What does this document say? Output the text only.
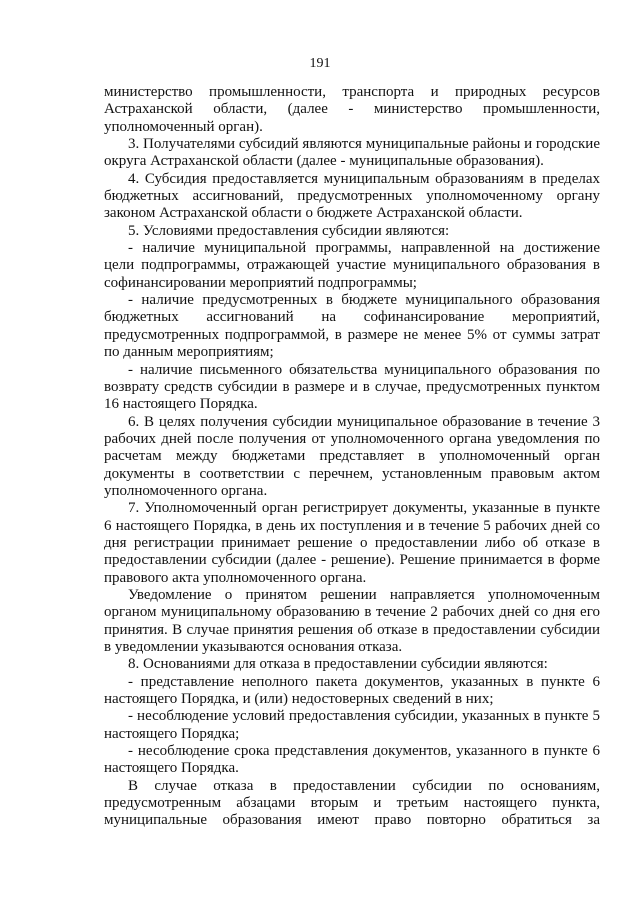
191

министерство промышленности, транспорта и природных ресурсов Астраханской области, (далее - министерство промышленности, уполномоченный орган).

3. Получателями субсидий являются муниципальные районы и городские округа Астраханской области (далее - муниципальные образования).

4. Субсидия предоставляется муниципальным образованиям в пределах бюджетных ассигнований, предусмотренных уполномоченному органу законом Астраханской области о бюджете Астраханской области.

5. Условиями предоставления субсидии являются:

- наличие муниципальной программы, направленной на достижение цели подпрограммы, отражающей участие муниципального образования в софинансировании мероприятий подпрограммы;

- наличие предусмотренных в бюджете муниципального образования бюджетных ассигнований на софинансирование мероприятий, предусмотренных подпрограммой, в размере не менее 5% от суммы затрат по данным мероприятиям;

- наличие письменного обязательства муниципального образования по возврату средств субсидии в размере и в случае, предусмотренных пунктом 16 настоящего Порядка.

6. В целях получения субсидии муниципальное образование в течение 3 рабочих дней после получения от уполномоченного органа уведомления по расчетам между бюджетами представляет в уполномоченный орган документы в соответствии с перечнем, установленным правовым актом уполномоченного органа.

7. Уполномоченный орган регистрирует документы, указанные в пункте 6 настоящего Порядка, в день их поступления и в течение 5 рабочих дней со дня регистрации принимает решение о предоставлении либо об отказе в предоставлении субсидии (далее - решение). Решение принимается в форме правового акта уполномоченного органа.

Уведомление о принятом решении направляется уполномоченным органом муниципальному образованию в течение 2 рабочих дней со дня его принятия. В случае принятия решения об отказе в предоставлении субсидии в уведомлении указываются основания отказа.

8. Основаниями для отказа в предоставлении субсидии являются:

- представление неполного пакета документов, указанных в пункте 6 настоящего Порядка, и (или) недостоверных сведений в них;

- несоблюдение условий предоставления субсидии, указанных в пункте 5 настоящего Порядка;

- несоблюдение срока представления документов, указанного в пункте 6 настоящего Порядка.

В случае отказа в предоставлении субсидии по основаниям, предусмотренным абзацами вторым и третьим настоящего пункта, муниципальные образования имеют право повторно обратиться за
